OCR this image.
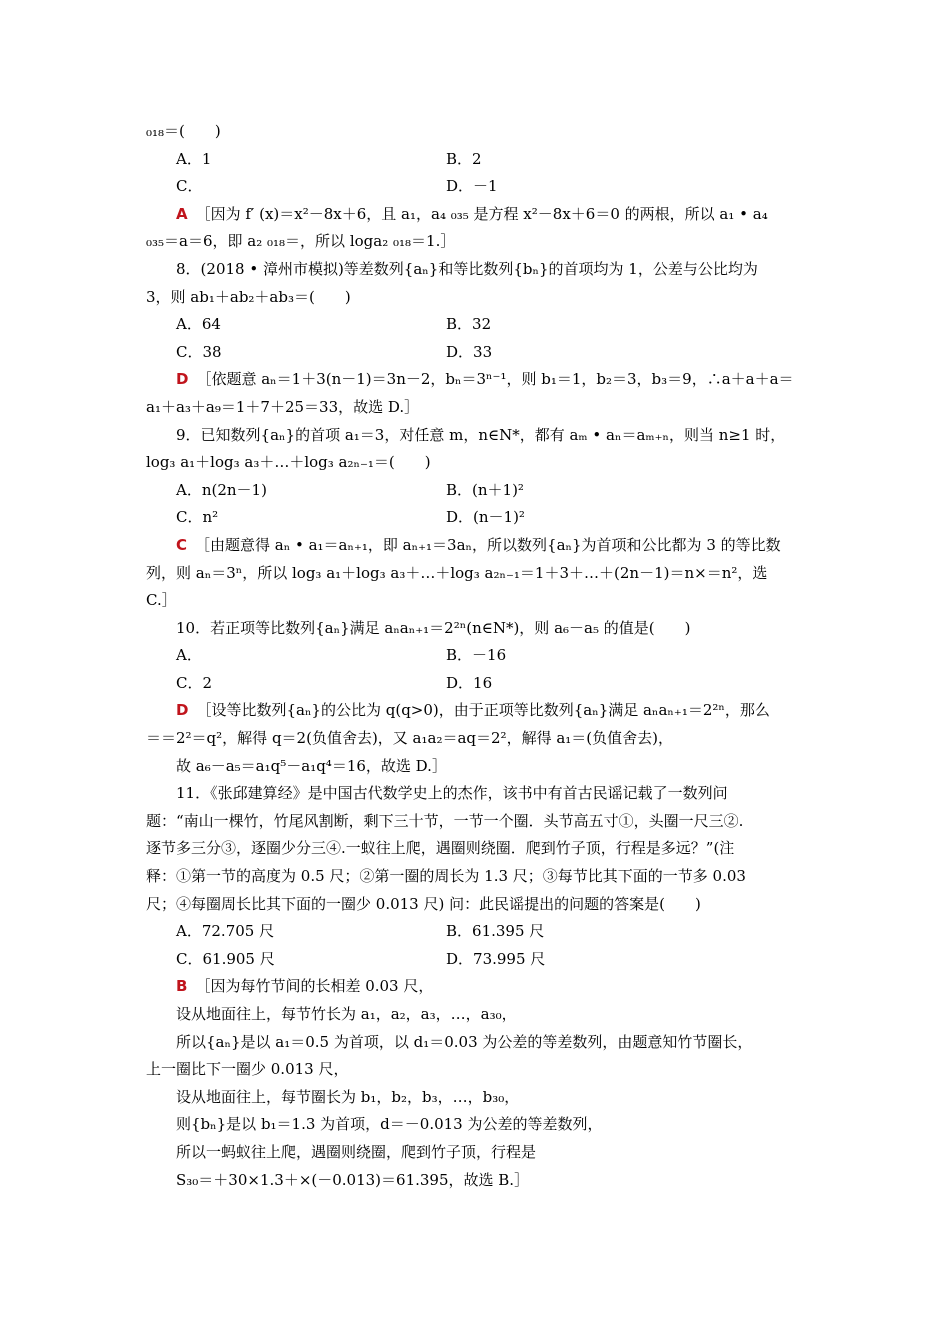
₀₁₈＝(　　)
A．1	B．2
C．	D．－1
A ［因为 f′ (x)＝x²－8x＋6，且 a₁，a₄ ₀₃₅ 是方程 x²－8x＋6＝0 的两根，所以 a₁ • a₄
₀₃₅＝a＝6，即 a₂ ₀₁₈＝，所以 loga₂ ₀₁₈＝1.］
8．(2018 • 漳州市模拟)等差数列{aₙ}和等比数列{bₙ}的首项均为 1，公差与公比均为
3，则 ab₁＋ab₂＋ab₃＝(　　)
A．64	B．32
C．38	D．33
D ［依题意 aₙ＝1＋3(n－1)＝3n－2，bₙ＝3ⁿ⁻¹，则 b₁＝1，b₂＝3，b₃＝9，∴a＋a＋a＝
a₁＋a₃＋a₉＝1＋7＋25＝33，故选 D.］
9．已知数列{aₙ}的首项 a₁＝3，对任意 m，n∈N*，都有 aₘ • aₙ＝aₘ₊ₙ，则当 n≥1 时，
log₃ a₁＋log₃ a₃＋…＋log₃ a₂ₙ₋₁＝(　　)
A．n(2n－1)	B．(n＋1)²
C．n²	D．(n－1)²
C ［由题意得 aₙ • a₁＝aₙ₊₁，即 aₙ₊₁＝3aₙ，所以数列{aₙ}为首项和公比都为 3 的等比数
列，则 aₙ＝3ⁿ，所以 log₃ a₁＋log₃ a₃＋…＋log₃ a₂ₙ₋₁＝1＋3＋…＋(2n－1)＝n×＝n²，选
C.］
10．若正项等比数列{aₙ}满足 aₙaₙ₊₁＝2²ⁿ(n∈N*)，则 a₆－a₅ 的值是(　　)
A．	B．－16
C．2	D．16
D ［设等比数列{aₙ}的公比为 q(q>0)，由于正项等比数列{aₙ}满足 aₙaₙ₊₁＝2²ⁿ，那么
＝＝2²＝q²，解得 q＝2(负值舍去)，又 a₁a₂＝aq＝2²，解得 a₁＝(负值舍去)，
故 a₆－a₅＝a₁q⁵－a₁q⁴＝16，故选 D.］
11．《张邱建算经》是中国古代数学史上的杰作，该书中有首古民谣记载了一数列问
题：“南山一棵竹，竹尾风割断，剩下三十节，一节一个圈．头节高五寸①，头圈一尺三②.
逐节多三分③，逐圈少分三④.一蚁往上爬，遇圈则绕圈．爬到竹子顶，行程是多远？”(注
释：①第一节的高度为 0.5 尺；②第一圈的周长为 1.3 尺；③每节比其下面的一节多 0.03
尺；④每圈周长比其下面的一圈少 0.013 尺) 问：此民谣提出的问题的答案是(　　)
A．72.705 尺	B．61.395 尺
C．61.905 尺	D．73.995 尺
B ［因为每竹节间的长相差 0.03 尺，
设从地面往上，每节竹长为 a₁，a₂，a₃，…，a₃₀，
所以{aₙ}是以 a₁＝0.5 为首项，以 d₁＝0.03 为公差的等差数列，由题意知竹节圈长，
上一圈比下一圈少 0.013 尺，
设从地面往上，每节圈长为 b₁，b₂，b₃，…，b₃₀，
则{bₙ}是以 b₁＝1.3 为首项，d＝－0.013 为公差的等差数列，
所以一蚂蚁往上爬，遇圈则绕圈，爬到竹子顶，行程是
S₃₀＝＋30×1.3＋×(－0.013)＝61.395，故选 B.］
